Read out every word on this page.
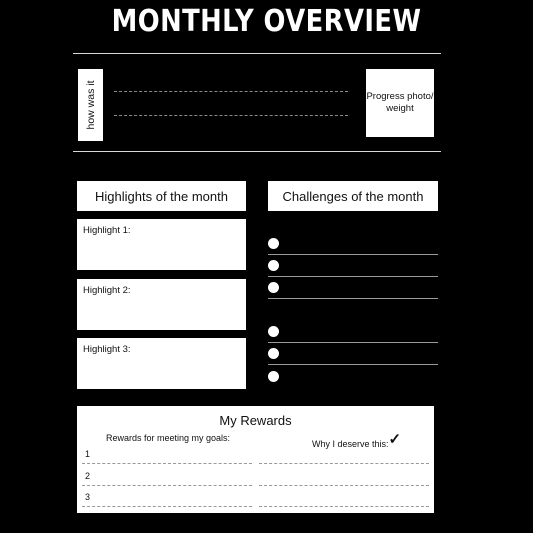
MONTHLY OVERVIEW
how was it	Progress photo/ weight
Highlights of the month
Highlight 1:
Highlight 2:
Highlight 3:
Challenges of the month
My Rewards
Rewards for meeting my goals:
Why I deserve this:✓
1
2
3
